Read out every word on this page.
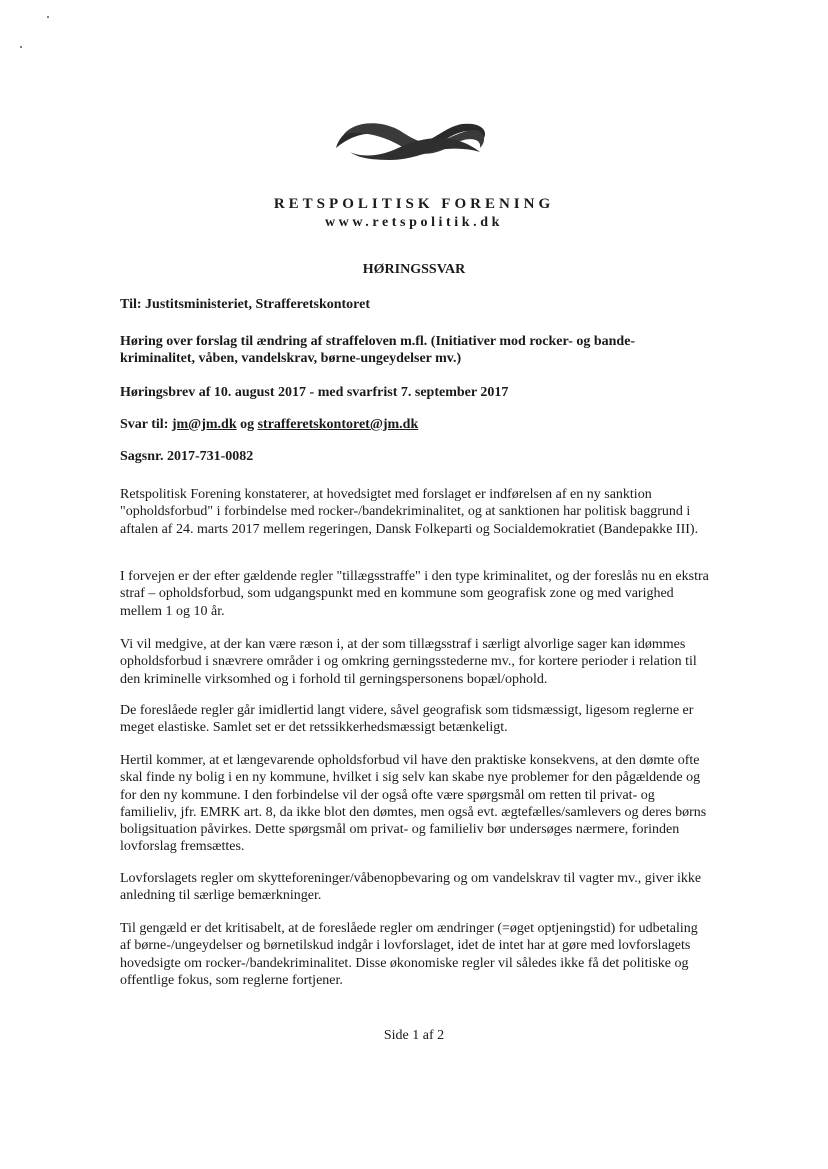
RETSPOLITISK FORENING
www.retspolitik.dk
HØRINGSSVAR
Til: Justitsministeriet, Strafferetskontoret
Høring over forslag til ændring af straffeloven m.fl. (Initiativer mod rocker- og bande-kriminalitet, våben, vandelskrav, børne-ungeydelser mv.)
Høringsbrev af 10. august 2017 - med svarfrist 7. september 2017
Svar til: jm@jm.dk og strafferetskontoret@jm.dk
Sagsnr. 2017-731-0082

Retspolitisk Forening konstaterer, at hovedsigtet med forslaget er indførelsen af en ny sanktion "opholdsforbud" i forbindelse med rocker-/bandekriminalitet, og at sanktionen har politisk baggrund i aftalen af 24. marts 2017 mellem regeringen, Dansk Folkeparti og Socialdemokratiet (Bandepakke III).

I forvejen er der efter gældende regler "tillægsstraffe" i den type kriminalitet, og der foreslås nu en ekstra straf – opholdsforbud, som udgangspunkt med en kommune som geografisk zone og med varighed mellem 1 og 10 år.

Vi vil medgive, at der kan være ræson i, at der som tillægsstraf i særligt alvorlige sager kan idømmes opholdsforbud i snævrere områder i og omkring gerningsstederne mv., for kortere perioder i relation til den kriminelle virksomhed og i forhold til gerningspersonens bopæl/ophold.

De foreslåede regler går imidlertid langt videre, såvel geografisk som tidsmæssigt, ligesom reglerne er meget elastiske. Samlet set er det retssikkerhedsmæssigt betænkeligt.

Hertil kommer, at et længevarende opholdsforbud vil have den praktiske konsekvens, at den dømte ofte skal finde ny bolig i en ny kommune, hvilket i sig selv kan skabe nye problemer for den pågældende og for den ny kommune. I den forbindelse vil der også ofte være spørgsmål om retten til privat- og familieliv, jfr. EMRK art. 8, da ikke blot den dømtes, men også evt. ægtefælles/samlevers og deres børns boligsituation påvirkes. Dette spørgsmål om privat- og familieliv bør undersøges nærmere, forinden lovforslag fremsættes.

Lovforslagets regler om skytteforeninger/våbenopbevaring og om vandelskrav til vagter mv., giver ikke anledning til særlige bemærkninger.

Til gengæld er det kritisabelt, at de foreslåede regler om ændringer (=øget optjeningstid) for udbetaling af børne-/ungeydelser og børnetilskud indgår i lovforslaget, idet de intet har at gøre med lovforslagets hovedsigte om rocker-/bandekriminalitet. Disse økonomiske regler vil således ikke få det politiske og offentlige fokus, som reglerne fortjener.

Side 1 af 2
